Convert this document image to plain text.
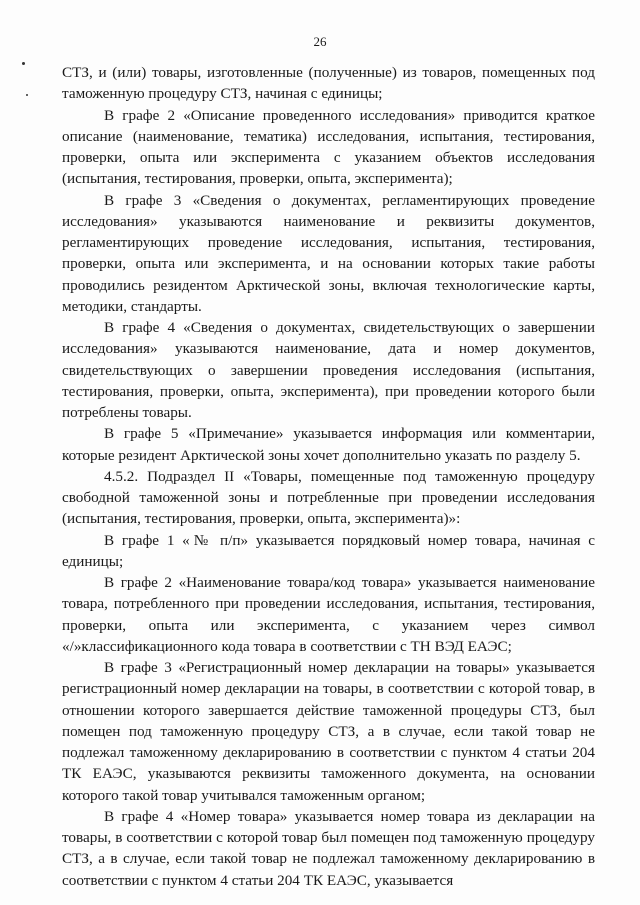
26

СТЗ, и (или) товары, изготовленные (полученные) из товаров, помещенных под таможенную процедуру СТЗ, начиная с единицы;

В графе 2 «Описание проведенного исследования» приводится краткое описание (наименование, тематика) исследования, испытания, тестирования, проверки, опыта или эксперимента с указанием объектов исследования (испытания, тестирования, проверки, опыта, эксперимента);

В графе 3 «Сведения о документах, регламентирующих проведение исследования» указываются наименование и реквизиты документов, регламентирующих проведение исследования, испытания, тестирования, проверки, опыта или эксперимента, и на основании которых такие работы проводились резидентом Арктической зоны, включая технологические карты, методики, стандарты.

В графе 4 «Сведения о документах, свидетельствующих о завершении исследования» указываются наименование, дата и номер документов, свидетельствующих о завершении проведения исследования (испытания, тестирования, проверки, опыта, эксперимента), при проведении которого были потреблены товары.

В графе 5 «Примечание» указывается информация или комментарии, которые резидент Арктической зоны хочет дополнительно указать по разделу 5.

4.5.2. Подраздел II «Товары, помещенные под таможенную процедуру свободной таможенной зоны и потребленные при проведении исследования (испытания, тестирования, проверки, опыта, эксперимента)»:

В графе 1 «№ п/п» указывается порядковый номер товара, начиная с единицы;

В графе 2 «Наименование товара/код товара» указывается наименование товара, потребленного при проведении исследования, испытания, тестирования, проверки, опыта или эксперимента, с указанием через символ «/»классификационного кода товара в соответствии с ТН ВЭД ЕАЭС;

В графе 3 «Регистрационный номер декларации на товары» указывается регистрационный номер декларации на товары, в соответствии с которой товар, в отношении которого завершается действие таможенной процедуры СТЗ, был помещен под таможенную процедуру СТЗ, а в случае, если такой товар не подлежал таможенному декларированию в соответствии с пунктом 4 статьи 204 ТК ЕАЭС, указываются реквизиты таможенного документа, на основании которого такой товар учитывался таможенным органом;

В графе 4 «Номер товара» указывается номер товара из декларации на товары, в соответствии с которой товар был помещен под таможенную процедуру СТЗ, а в случае, если такой товар не подлежал таможенному декларированию в соответствии с пунктом 4 статьи 204 ТК ЕАЭС, указывается
